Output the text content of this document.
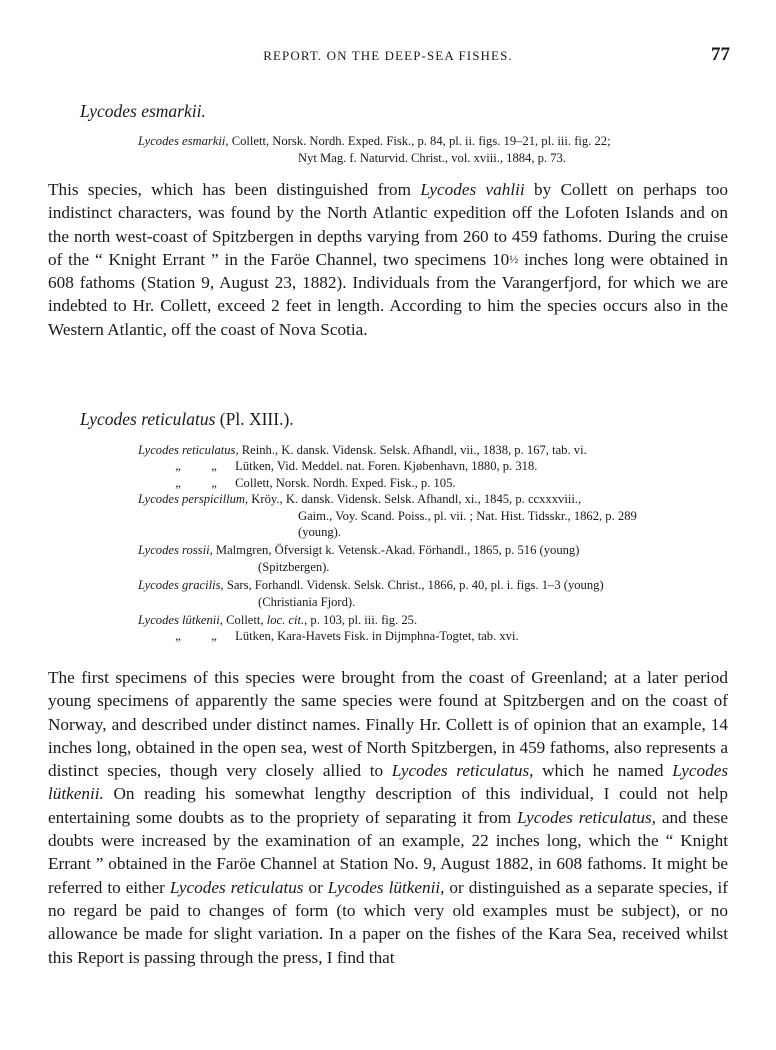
REPORT. ON THE DEEP-SEA FISHES.	77
Lycodes esmarkii.
Lycodes esmarkii, Collett, Norsk. Nordh. Exped. Fisk., p. 84, pl. ii. figs. 19–21, pl. iii. fig. 22;
Nyt Mag. f. Naturvid. Christ., vol. xviii., 1884, p. 73.

This species, which has been distinguished from Lycodes vahlii by Collett on perhaps too indistinct characters, was found by the North Atlantic expedition off the Lofoten Islands and on the north west-coast of Spitzbergen in depths varying from 260 to 459 fathoms. During the cruise of the “ Knight Errant ” in the Faröe Channel, two specimens 10½ inches long were obtained in 608 fathoms (Station 9, August 23, 1882). Individuals from the Varangerfjord, for which we are indebted to Hr. Collett, exceed 2 feet in length. According to him the species occurs also in the Western Atlantic, off the coast of Nova Scotia.

Lycodes reticulatus (Pl. XIII.).
Lycodes reticulatus, Reinh., K. dansk. Vidensk. Selsk. Afhandl, vii., 1838, p. 167, tab. vi.
„ „ Lütken, Vid. Meddel. nat. Foren. Kjøbenhavn, 1880, p. 318.
„ „ Collett, Norsk. Nordh. Exped. Fisk., p. 105.
Lycodes perspicillum, Kröy., K. dansk. Vidensk. Selsk. Afhandl, xi., 1845, p. ccxxxviii.,
Gaim., Voy. Scand. Poiss., pl. vii. ; Nat. Hist. Tidsskr., 1862, p. 289
(young).
Lycodes rossii, Malmgren, Öfversigt k. Vetensk.-Akad. Förhandl., 1865, p. 516 (young)
(Spitzbergen).
Lycodes gracilis, Sars, Forhandl. Vidensk. Selsk. Christ., 1866, p. 40, pl. i. figs. 1–3 (young)
(Christiania Fjord).
Lycodes lütkenii, Collett, loc. cit., p. 103, pl. iii. fig. 25.
„ „ Lütken, Kara-Havets Fisk. in Dijmphna-Togtet, tab. xvi.

The first specimens of this species were brought from the coast of Greenland; at a later period young specimens of apparently the same species were found at Spitzbergen and on the coast of Norway, and described under distinct names. Finally Hr. Collett is of opinion that an example, 14 inches long, obtained in the open sea, west of North Spitzbergen, in 459 fathoms, also represents a distinct species, though very closely allied to Lycodes reticulatus, which he named Lycodes lütkenii. On reading his somewhat lengthy description of this individual, I could not help entertaining some doubts as to the propriety of separating it from Lycodes reticulatus, and these doubts were increased by the examination of an example, 22 inches long, which the “ Knight Errant ” obtained in the Faröe Channel at Station No. 9, August 1882, in 608 fathoms. It might be referred to either Lycodes reticulatus or Lycodes lütkenii, or distinguished as a separate species, if no regard be paid to changes of form (to which very old examples must be subject), or no allowance be made for slight variation. In a paper on the fishes of the Kara Sea, received whilst this Report is passing through the press, I find that
